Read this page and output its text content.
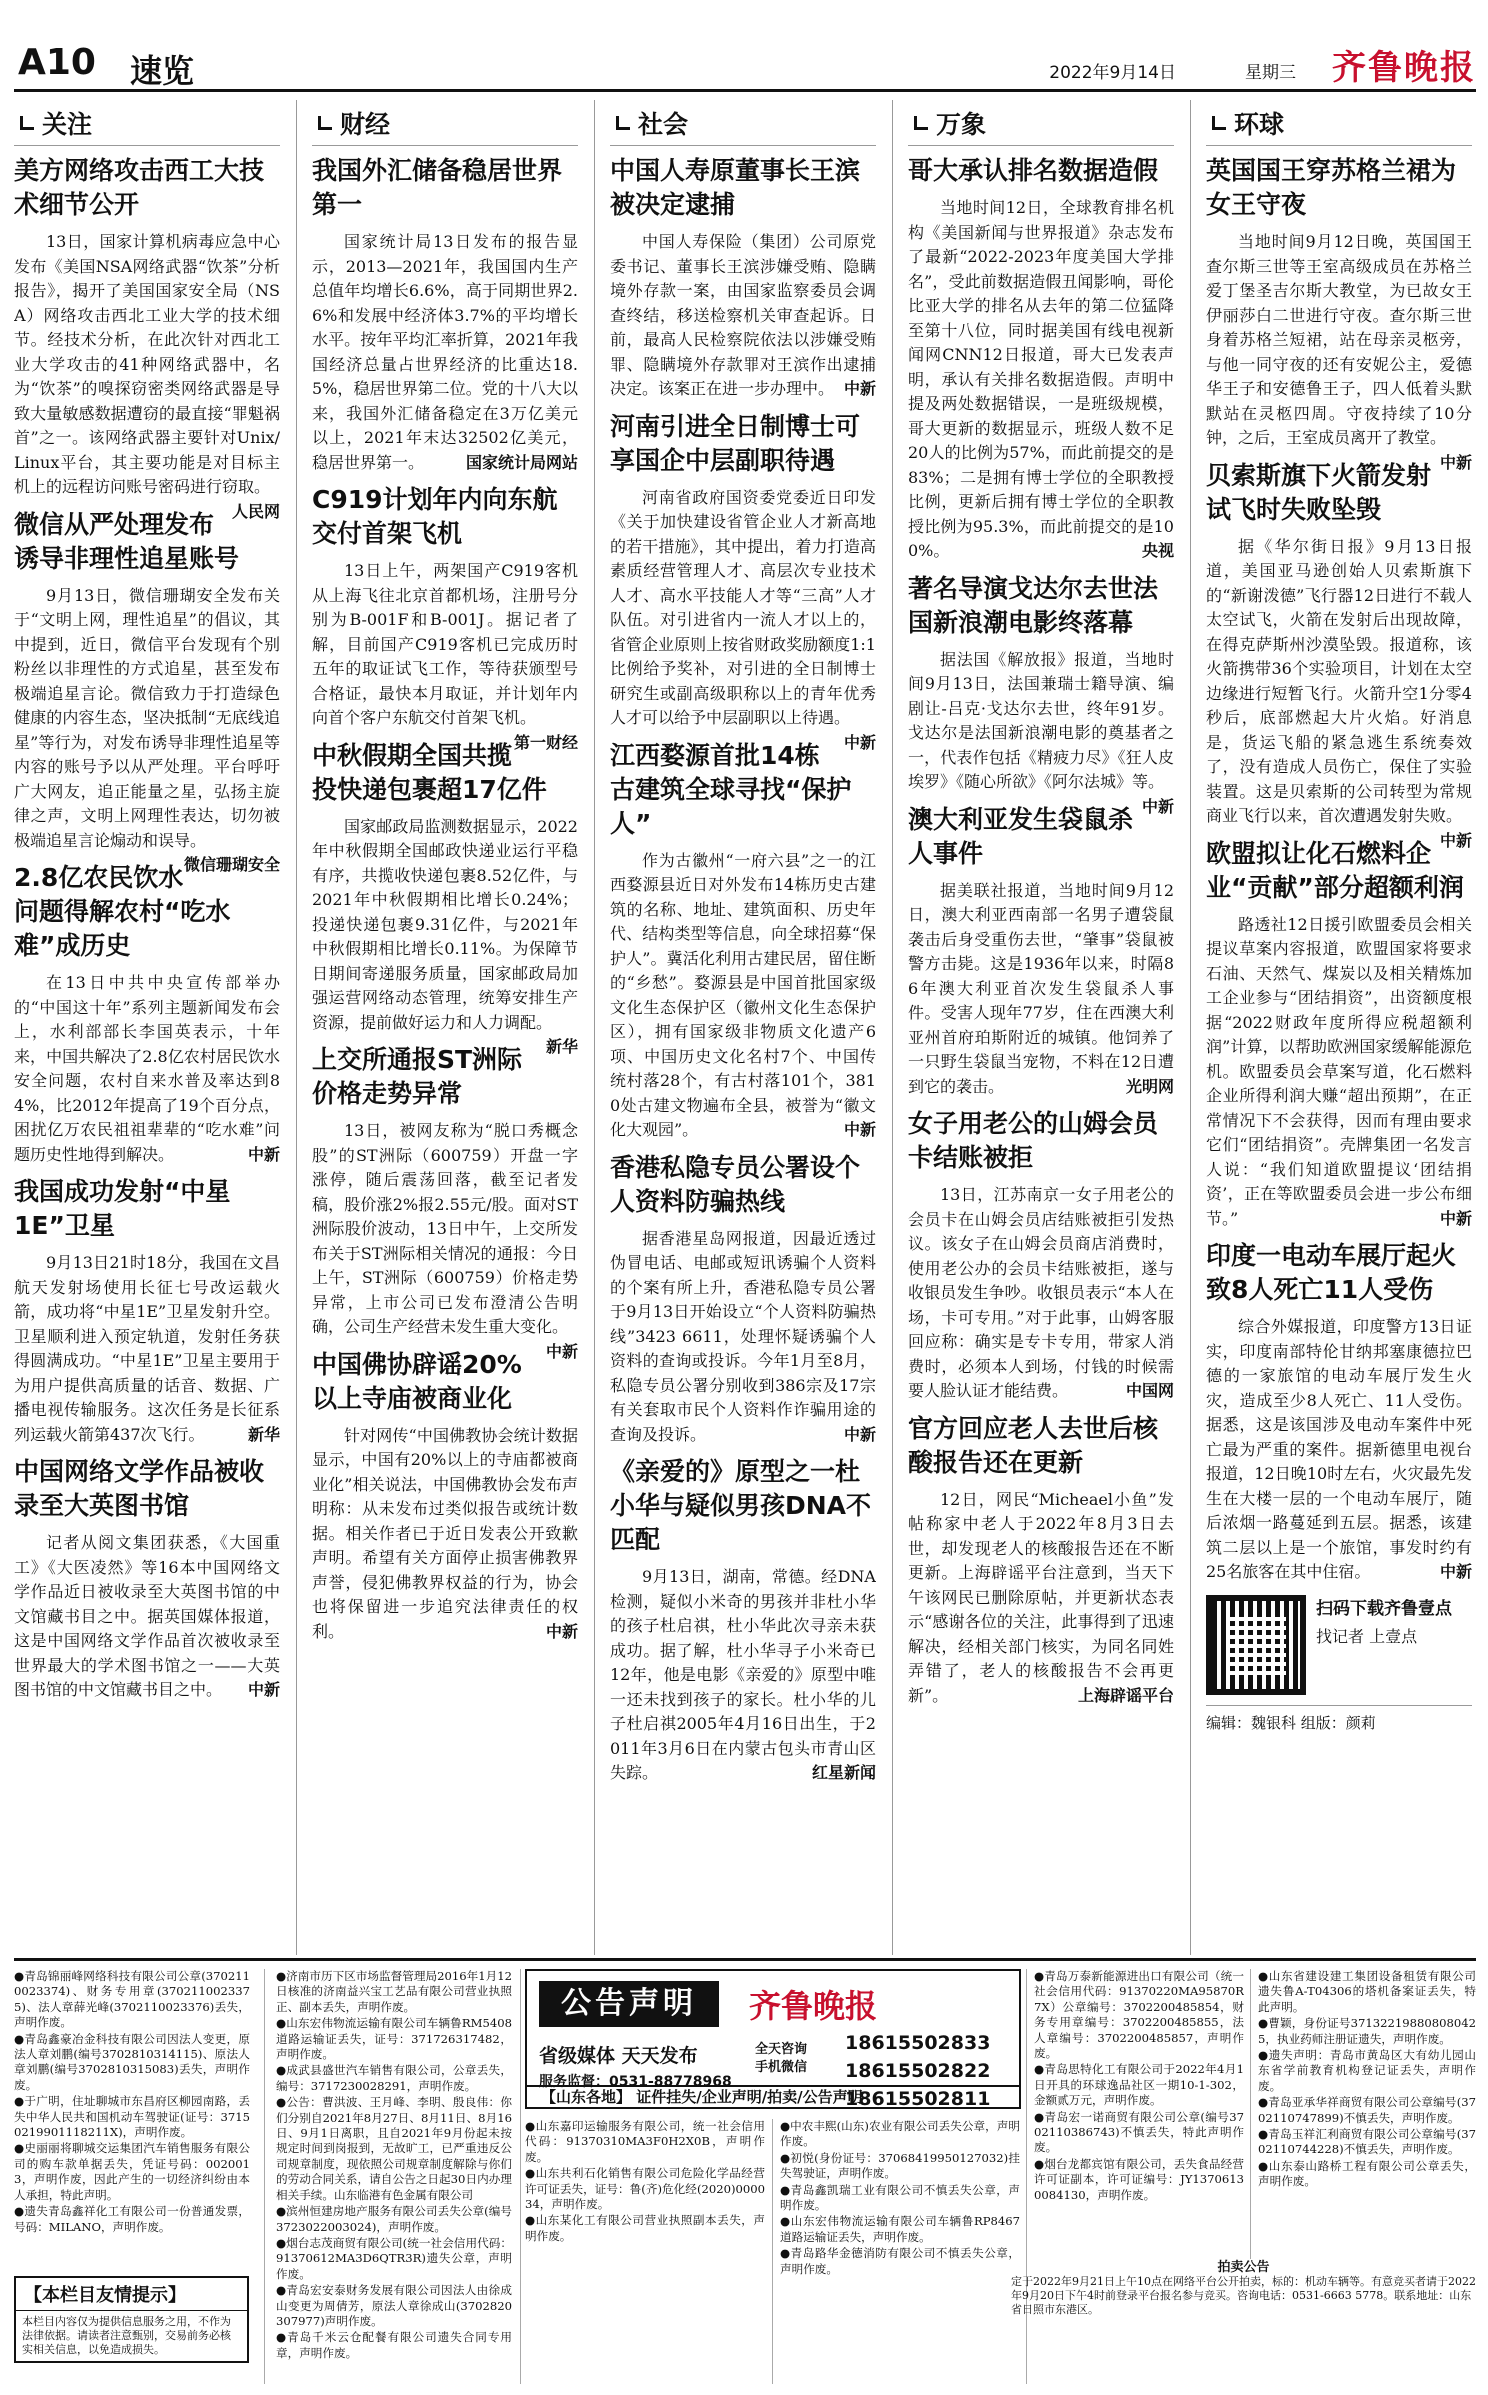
A10 速览	2022年9月14日	星期三 齐鲁晚报
关注
美方网络攻击西工大技术细节公开

13日，国家计算机病毒应急中心发布《美国NSA网络武器“饮茶”分析报告》，揭开了美国国家安全局（NSA）网络攻击西北工业大学的技术细节。经技术分析，在此次针对西北工业大学攻击的41种网络武器中，名为“饮茶”的嗅探窃密类网络武器是导致大量敏感数据遭窃的最直接“罪魁祸首”之一。该网络武器主要针对Unix/Linux平台，其主要功能是对目标主机上的远程访问账号密码进行窃取。
人民网

微信从严处理发布诱导非理性追星账号

9月13日，微信珊瑚安全发布关于“文明上网，理性追星”的倡议，其中提到，近日，微信平台发现有个别粉丝以非理性的方式追星，甚至发布极端追星言论。微信致力于打造绿色健康的内容生态，坚决抵制“无底线追星”等行为，对发布诱导非理性追星等内容的账号予以从严处理。平台呼吁广大网友，追正能量之星，弘扬主旋律之声，文明上网理性表达，切勿被极端追星言论煽动和误导。
微信珊瑚安全

2.8亿农民饮水问题得解农村“吃水难”成历史

在13日中共中央宣传部举办的“中国这十年”系列主题新闻发布会上，水利部部长李国英表示，十年来，中国共解决了2.8亿农村居民饮水安全问题，农村自来水普及率达到84%，比2012年提高了19个百分点，困扰亿万农民祖祖辈辈的“吃水难”问题历史性地得到解决。	中新

我国成功发射“中星1E”卫星

9月13日21时18分，我国在文昌航天发射场使用长征七号改运载火箭，成功将“中星1E”卫星发射升空。卫星顺利进入预定轨道，发射任务获得圆满成功。“中星1E”卫星主要用于为用户提供高质量的话音、数据、广播电视传输服务。这次任务是长征系列运载火箭第437次飞行。	新华

中国网络文学作品被收录至大英图书馆

记者从阅文集团获悉，《大国重工》《大医凌然》等16本中国网络文学作品近日被收录至大英图书馆的中文馆藏书目之中。据英国媒体报道，这是中国网络文学作品首次被收录至世界最大的学术图书馆之一——大英图书馆的中文馆藏书目之中。 中新

财经
我国外汇储备稳居世界第一

国家统计局13日发布的报告显示，2013—2021年，我国国内生产总值年均增长6.6%，高于同期世界2.6%和发展中经济体3.7%的平均增长水平。按年平均汇率折算，2021年我国经济总量占世界经济的比重达18.5%，稳居世界第二位。党的十八大以来，我国外汇储备稳定在3万亿美元以上，2021年末达32502亿美元，稳居世界第一。	国家统计局网站

C919计划年内向东航交付首架飞机

13日上午，两架国产C919客机从上海飞往北京首都机场，注册号分别为B-001F和B-001J。据记者了解，目前国产C919客机已完成历时五年的取证试飞工作，等待获颁型号合格证，最快本月取证，并计划年内向首个客户东航交付首架飞机。
第一财经

中秋假期全国共揽投快递包裹超17亿件

国家邮政局监测数据显示，2022年中秋假期全国邮政快递业运行平稳有序，共揽收快递包裹8.52亿件，与2021年中秋假期相比增长0.24%；投递快递包裹9.31亿件，与2021年中秋假期相比增长0.11%。为保障节日期间寄递服务质量，国家邮政局加强运营网络动态管理，统筹安排生产资源，提前做好运力和人力调配。
新华

上交所通报ST洲际价格走势异常

13日，被网友称为“脱口秀概念股”的ST洲际（600759）开盘一字涨停，随后震荡回落，截至记者发稿，股价涨2%报2.55元/股。面对ST洲际股价波动，13日中午，上交所发布关于ST洲际相关情况的通报：今日上午，ST洲际（600759）价格走势异常，上市公司已发布澄清公告明确，公司生产经营未发生重大变化。
中新

中国佛协辟谣20%以上寺庙被商业化

针对网传“中国佛教协会统计数据显示，中国有20%以上的寺庙都被商业化”相关说法，中国佛教协会发布声明称：从未发布过类似报告或统计数据。相关作者已于近日发表公开致歉声明。希望有关方面停止损害佛教界声誉，侵犯佛教界权益的行为，协会也将保留进一步追究法律责任的权利。	中新

社会
中国人寿原董事长王滨被决定逮捕

中国人寿保险（集团）公司原党委书记、董事长王滨涉嫌受贿、隐瞒境外存款一案，由国家监察委员会调查终结，移送检察机关审查起诉。日前，最高人民检察院依法以涉嫌受贿罪、隐瞒境外存款罪对王滨作出逮捕决定。该案正在进一步办理中。 中新

河南引进全日制博士可享国企中层副职待遇

河南省政府国资委党委近日印发《关于加快建设省管企业人才新高地的若干措施》，其中提出，着力打造高素质经营管理人才、高层次专业技术人才、高水平技能人才等“三高”人才队伍。对引进省内一流人才以上的，省管企业原则上按省财政奖励额度1:1比例给予奖补，对引进的全日制博士研究生或副高级职称以上的青年优秀人才可以给予中层副职以上待遇。
中新

江西婺源首批14栋古建筑全球寻找“保护人”

作为古徽州“一府六县”之一的江西婺源县近日对外发布14栋历史古建筑的名称、地址、建筑面积、历史年代、结构类型等信息，向全球招募“保护人”。冀活化利用古建民居，留住断的“乡愁”。婺源县是中国首批国家级文化生态保护区（徽州文化生态保护区），拥有国家级非物质文化遗产6项、中国历史文化名村7个、中国传统村落28个，有古村落101个，3810处古建文物遍布全县，被誉为“徽文化大观园”。	中新

香港私隐专员公署设个人资料防骗热线

据香港星岛网报道，因最近透过伪冒电话、电邮或短讯诱骗个人资料的个案有所上升，香港私隐专员公署于9月13日开始设立“个人资料防骗热线”3423 6611，处理怀疑诱骗个人资料的查询或投诉。今年1月至8月，私隐专员公署分别收到386宗及17宗有关套取市民个人资料作诈骗用途的查询及投诉。	中新

《亲爱的》原型之一杜小华与疑似男孩DNA不匹配

9月13日，湖南，常德。经DNA检测，疑似小米奇的男孩并非杜小华的孩子杜启祺，杜小华此次寻亲未获成功。据了解，杜小华寻子小米奇已12年，他是电影《亲爱的》原型中唯一还未找到孩子的家长。杜小华的儿子杜启祺2005年4月16日出生，于2011年3月6日在内蒙古包头市青山区失踪。	红星新闻

万象
哥大承认排名数据造假

当地时间12日，全球教育排名机构《美国新闻与世界报道》杂志发布了最新“2022-2023年度美国大学排名”，受此前数据造假丑闻影响，哥伦比亚大学的排名从去年的第二位猛降至第十八位，同时据美国有线电视新闻网CNN12日报道，哥大已发表声明，承认有关排名数据造假。声明中提及两处数据错误，一是班级规模，哥大更新的数据显示，班级人数不足20人的比例为57%，而此前提交的是83%；二是拥有博士学位的全职教授比例，更新后拥有博士学位的全职教授比例为95.3%，而此前提交的是100%。	央视

著名导演戈达尔去世法国新浪潮电影终落幕

据法国《解放报》报道，当地时间9月13日，法国兼瑞士籍导演、编剧让-吕克·戈达尔去世，终年91岁。戈达尔是法国新浪潮电影的奠基者之一，代表作包括《精疲力尽》《狂人皮埃罗》《随心所欲》《阿尔法城》等。
中新

澳大利亚发生袋鼠杀人事件

据美联社报道，当地时间9月12日，澳大利亚西南部一名男子遭袋鼠袭击后身受重伤去世，“肇事”袋鼠被警方击毙。这是1936年以来，时隔86年澳大利亚首次发生袋鼠杀人事件。受害人现年77岁，住在西澳大利亚州首府珀斯附近的城镇。他饲养了一只野生袋鼠当宠物，不料在12日遭到它的袭击。	光明网

女子用老公的山姆会员卡结账被拒

13日，江苏南京一女子用老公的会员卡在山姆会员店结账被拒引发热议。该女子在山姆会员商店消费时，使用老公办的会员卡结账被拒，遂与收银员发生争吵。收银员表示“本人在场，卡可专用。”对于此事，山姆客服回应称：确实是专卡专用，带家人消费时，必须本人到场，付钱的时候需要人脸认证才能结费。	中国网

官方回应老人去世后核酸报告还在更新

12日，网民“Micheael小鱼”发帖称家中老人于2022年8月3日去世，却发现老人的核酸报告还在不断更新。上海辟谣平台注意到，当天下午该网民已删除原帖，并更新状态表示“感谢各位的关注，此事得到了迅速解决，经相关部门核实，为同名同姓弄错了，老人的核酸报告不会再更新”。	上海辟谣平台

环球
英国国王穿苏格兰裙为女王守夜

当地时间9月12日晚，英国国王查尔斯三世等王室高级成员在苏格兰爱丁堡圣吉尔斯大教堂，为已故女王伊丽莎白二世进行守夜。查尔斯三世身着苏格兰短裙，站在母亲灵柩旁，与他一同守夜的还有安妮公主，爱德华王子和安德鲁王子，四人低着头默默站在灵柩四周。守夜持续了10分钟，之后，王室成员离开了教堂。
中新

贝索斯旗下火箭发射试飞时失败坠毁

据《华尔街日报》9月13日报道，美国亚马逊创始人贝索斯旗下的“新谢泼德”飞行器12日进行不载人太空试飞，火箭在发射后出现故障，在得克萨斯州沙漠坠毁。报道称，该火箭携带36个实验项目，计划在太空边缘进行短暂飞行。火箭升空1分零4秒后，底部燃起大片火焰。好消息是，货运飞船的紧急逃生系统奏效了，没有造成人员伤亡，保住了实验装置。这是贝索斯的公司转型为常规商业飞行以来，首次遭遇发射失败。
中新

欧盟拟让化石燃料企业“贡献”部分超额利润

路透社12日援引欧盟委员会相关提议草案内容报道，欧盟国家将要求石油、天然气、煤炭以及相关精炼加工企业参与“团结捐资”，出资额度根据“2022财政年度所得应税超额利润”计算，以帮助欧洲国家缓解能源危机。欧盟委员会草案写道，化石燃料企业所得利润大赚“超出预期”，在正常情况下不会获得，因而有理由要求它们“团结捐资”。壳牌集团一名发言人说：“我们知道欧盟提议‘团结捐资’，正在等欧盟委员会进一步公布细节。”	中新

印度一电动车展厅起火致8人死亡11人受伤

综合外媒报道，印度警方13日证实，印度南部特伦甘纳邦塞康德拉巴德的一家旅馆的电动车展厅发生火灾，造成至少8人死亡、11人受伤。据悉，这是该国涉及电动车案件中死亡最为严重的案件。据新德里电视台报道，12日晚10时左右，火灾最先发生在大楼一层的一个电动车展厅，随后浓烟一路蔓延到五层。据悉，该建筑二层以上是一个旅馆，事发时约有25名旅客在其中住宿。	中新

扫码下载齐鲁壹点
找记者 上壹点
编辑：魏银科 组版：颜莉

●青岛锦丽峰网络科技有限公司公章(3702110023374)、财务专用章(3702110023375)、法人章薛光峰(3702110023376)丢失，声明作废。

●青岛鑫豪冶金科技有限公司因法人变更，原法人章刘鹏(编号3702810314115)、原法人章刘鹏(编号3702810315083)丢失，声明作废。

●于广明，住址聊城市东昌府区柳园南路，丢失中华人民共和国机动车驾驶证(证号：37150219901118211X)，声明作废。

●史丽丽将聊城交运集团汽车销售服务有限公司的购车款单据丢失，凭证号码：0020013，声明作废，因此产生的一切经济纠纷由本人承担，特此声明。

●遗失青岛鑫祥化工有限公司一份普通发票，号码：MILANO，声明作废。

【本栏目友情提示】
本栏目内容仅为提供信息服务之用，不作为法律依据。请读者注意甄别，交易前务必核实相关信息，以免造成损失。

●济南市历下区市场监督管理局2016年1月12日核准的济南益兴宝工艺品有限公司营业执照正、副本丢失，声明作废。

●山东宏伟物流运输有限公司车辆鲁RM5408道路运输证丢失，证号：371726317482，声明作废。

●成武县盛世汽车销售有限公司，公章丢失，编号：3717230028291，声明作废。

●公告：曹洪波、王月峰、李明、殷良伟：你们分别自2021年8月27日、8月11日、8月16日、9月1日离职，且自2021年9月份起未按规定时间到岗报到，无故旷工，已严重违反公司规章制度，现依照公司规章制度解除与你们的劳动合同关系，请自公告之日起30日内办理相关手续。山东临港有色金属有限公司

●滨州恒建房地产服务有限公司丢失公章(编号3723022003024)，声明作废。

●烟台志茂商贸有限公司(统一社会信用代码：91370612MA3D6QTR3R)遗失公章，声明作废。

●青岛宏安泰财务发展有限公司因法人由徐成山变更为周倩芳，原法人章徐成山(3702820307977)声明作废。

●青岛千米云仓配餐有限公司遗失合同专用章，声明作废。

公告声明	齐鲁晚报
省级媒体 天天发布
服务监督：0531-88778968
全天咨询
手机微信
18615502833
18615502822
18615502811
【山东各地】 证件挂失/企业声明/拍卖/公告声明

●山东嘉印运输服务有限公司，统一社会信用代码：91370310MA3F0H2X0B，声明作废。

●山东共利石化销售有限公司危险化学品经营许可证丢失，证号：鲁(齐)危化经(2020)000034，声明作废。

●山东某化工有限公司营业执照副本丢失，声明作废。

●中农丰熙(山东)农业有限公司丢失公章，声明作废。

●初悦(身份证号：37068419950127032)挂失驾驶证，声明作废。

●青岛鑫凯瑞工业有限公司不慎丢失公章，声明作废。

●山东宏伟物流运输有限公司车辆鲁RP8467道路运输证丢失，声明作废。

●青岛路华金德消防有限公司不慎丢失公章，声明作废。

●青岛万泰新能源进出口有限公司（统一社会信用代码：91370220MA95870R7X）公章编号：3702200485854，财务专用章编号：3702200485855，法人章编号：3702200485857，声明作废。

●青岛思特化工有限公司于2022年4月1日开具的环球逸品社区一期10-1-302，金额贰万元，声明作废。

●青岛宏一诺商贸有限公司公章(编号3702110386743)不慎丢失，特此声明作废。

●烟台龙都宾馆有限公司，丢失食品经营许可证副本，许可证编号：JY13706130084130，声明作废。

●山东省建设建工集团设备租赁有限公司遗失鲁A-T04306的塔机备案证丢失，特此声明。

●曹颖，身份证号371322198808080425，执业药师注册证遗失，声明作废。

●遗失声明：青岛市黄岛区大有幼儿园山东省学前教育机构登记证丢失，声明作废。

●青岛亚承华祥商贸有限公司公章编号(3702110747899)不慎丢失，声明作废。

●青岛玉祥汇利商贸有限公司公章编号(3702110744228)不慎丢失，声明作废。

●山东泰山路桥工程有限公司公章丢失，声明作废。

拍卖公告
定于2022年9月21日上午10点在网络平台公开拍卖，标的：机动车辆等。有意竞买者请于2022年9月20日下午4时前登录平台报名参与竞买。咨询电话：0531-6663 5778。联系地址：山东省日照市东港区。
